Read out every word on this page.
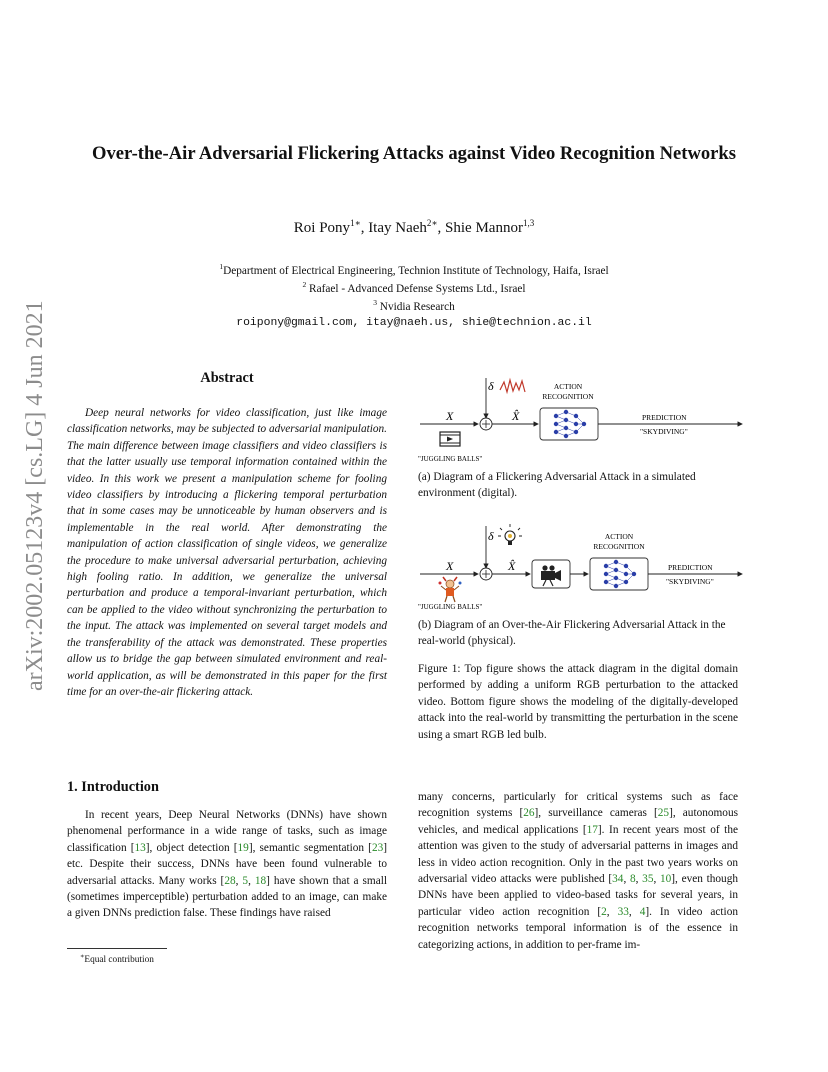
arXiv:2002.05123v4 [cs.LG] 4 Jun 2021
Over-the-Air Adversarial Flickering Attacks against Video Recognition Networks
Roi Pony$^{1∗}$, Itay Naeh$^{2∗}$, Shie Mannor$^{1,3}$
$^1$Department of Electrical Engineering, Technion Institute of Technology, Haifa, Israel
$^2$ Rafael - Advanced Defense Systems Ltd., Israel
$^3$ Nvidia Research
roipony@gmail.com, itay@naeh.us, shie@technion.ac.il
Abstract

Deep neural networks for video classification, just like image classification networks, may be subjected to adversarial manipulation. The main difference between image classifiers and video classifiers is that the latter usually use temporal information contained within the video. In this work we present a manipulation scheme for fooling video classifiers by introducing a flickering temporal perturbation that in some cases may be unnoticeable by human observers and is implementable in the real world. After demonstrating the manipulation of action classification of single videos, we generalize the procedure to make universal adversarial perturbation, achieving high fooling ratio. In addition, we generalize the universal perturbation and produce a temporal-invariant perturbation, which can be applied to the video without synchronizing the perturbation to the input. The attack was implemented on several target models and the transferability of the attack was demonstrated. These properties allow us to bridge the gap between simulated environment and real-world application, as will be demonstrated in this paper for the first time for an over-the-air flickering attack.

1. Introduction

In recent years, Deep Neural Networks (DNNs) have shown phenomenal performance in a wide range of tasks, such as image classification [13], object detection [19], semantic segmentation [23] etc. Despite their success, DNNs have been found vulnerable to adversarial attacks. Many works [28, 5, 18] have shown that a small (sometimes imperceptible) perturbation added to an image, can make a given DNNs prediction false. These findings have raised

many concerns, particularly for critical systems such as face recognition systems [26], surveillance cameras [25], autonomous vehicles, and medical applications [17]. In recent years most of the attention was given to the study of adversarial patterns in images and less in video action recognition. Only in the past two years works on adversarial video attacks were published [34, 8, 35, 10], even though DNNs have been applied to video-based tasks for several years, in particular video action recognition [2, 33, 4]. In video action recognition networks temporal information is of the essence in categorizing actions, in addition to per-frame im-

∗Equal contribution
δ
X	X̂
ACTION
RECOGNITION
PREDICTION
"SKYDIVING"
"JUGGLING BALLS"

(a) Diagram of a Flickering Adversarial Attack in a simulated environment (digital).

δ
X	X̂
ACTION
RECOGNITION
PREDICTION
"SKYDIVING"
"JUGGLING BALLS"

(b) Diagram of an Over-the-Air Flickering Adversarial Attack in the real-world (physical).

Figure 1: Top figure shows the attack diagram in the digital domain performed by adding a uniform RGB perturbation to the attacked video. Bottom figure shows the modeling of the digitally-developed attack into the real-world by transmitting the perturbation in the scene using a smart RGB led bulb.
